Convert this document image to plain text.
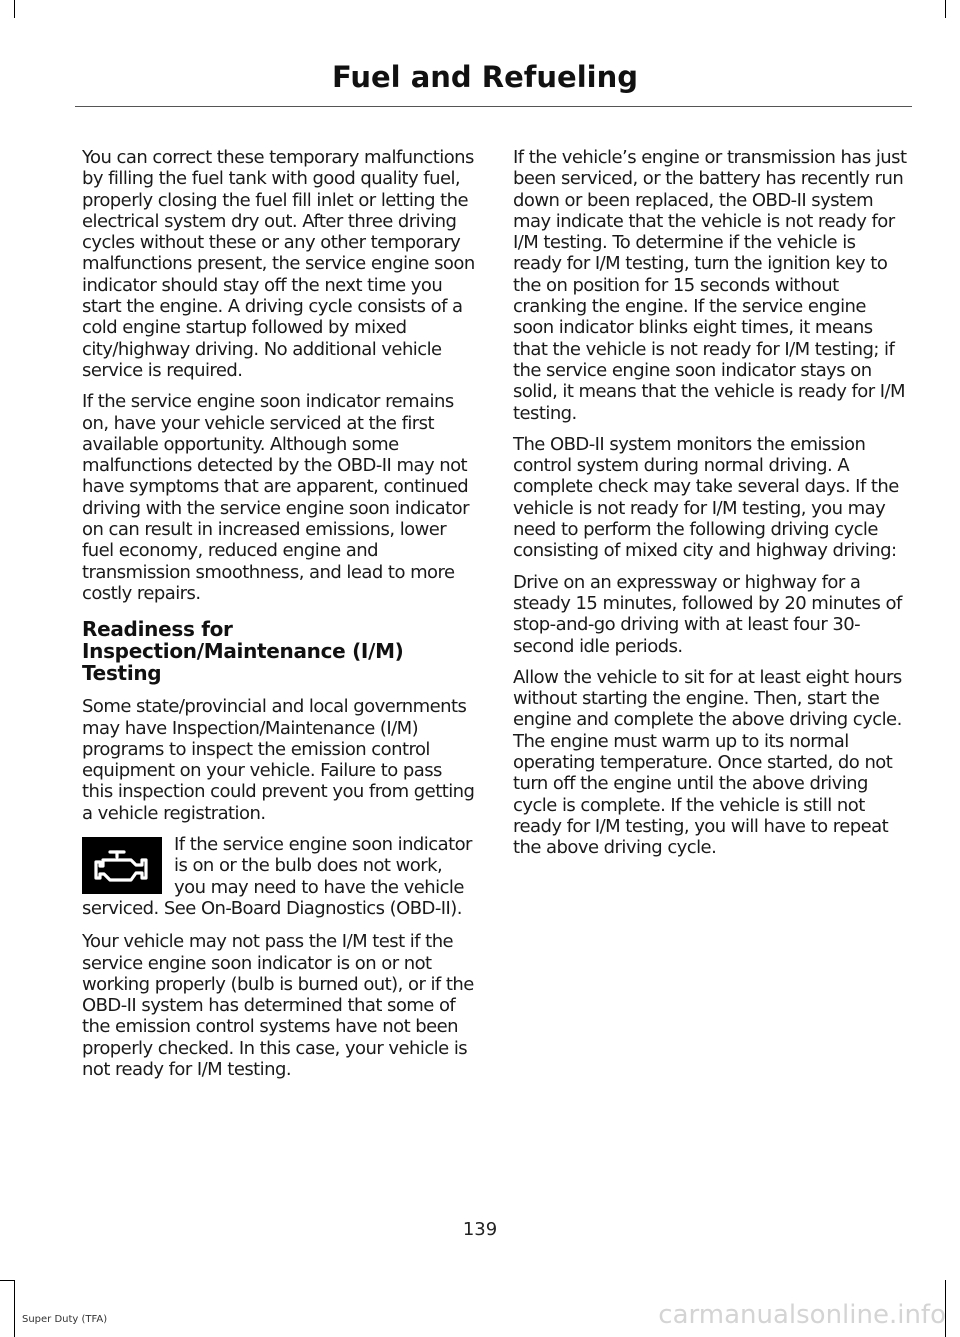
Fuel and Refueling

You can correct these temporary malfunctions by filling the fuel tank with good quality fuel, properly closing the fuel fill inlet or letting the electrical system dry out. After three driving cycles without these or any other temporary malfunctions present, the service engine soon indicator should stay off the next time you start the engine. A driving cycle consists of a cold engine startup followed by mixed city/highway driving. No additional vehicle service is required.

If the service engine soon indicator remains on, have your vehicle serviced at the first available opportunity. Although some malfunctions detected by the OBD-II may not have symptoms that are apparent, continued driving with the service engine soon indicator on can result in increased emissions, lower fuel economy, reduced engine and transmission smoothness, and lead to more costly repairs.

Readiness for Inspection/Maintenance (I/M) Testing

Some state/provincial and local governments may have Inspection/Maintenance (I/M) programs to inspect the emission control equipment on your vehicle. Failure to pass this inspection could prevent you from getting a vehicle registration.

If the service engine soon indicator is on or the bulb does not work, you may need to have the vehicle serviced. See On-Board Diagnostics (OBD-II).

Your vehicle may not pass the I/M test if the service engine soon indicator is on or not working properly (bulb is burned out), or if the OBD-II system has determined that some of the emission control systems have not been properly checked. In this case, your vehicle is not ready for I/M testing.

If the vehicle’s engine or transmission has just been serviced, or the battery has recently run down or been replaced, the OBD-II system may indicate that the vehicle is not ready for I/M testing. To determine if the vehicle is ready for I/M testing, turn the ignition key to the on position for 15 seconds without cranking the engine. If the service engine soon indicator blinks eight times, it means that the vehicle is not ready for I/M testing; if the service engine soon indicator stays on solid, it means that the vehicle is ready for I/M testing.

The OBD-II system monitors the emission control system during normal driving. A complete check may take several days. If the vehicle is not ready for I/M testing, you may need to perform the following driving cycle consisting of mixed city and highway driving:

Drive on an expressway or highway for a steady 15 minutes, followed by 20 minutes of stop-and-go driving with at least four 30-second idle periods.

Allow the vehicle to sit for at least eight hours without starting the engine. Then, start the engine and complete the above driving cycle. The engine must warm up to its normal operating temperature. Once started, do not turn off the engine until the above driving cycle is complete. If the vehicle is still not ready for I/M testing, you will have to repeat the above driving cycle.

139
Super Duty (TFA)	carmanualsonline.info
